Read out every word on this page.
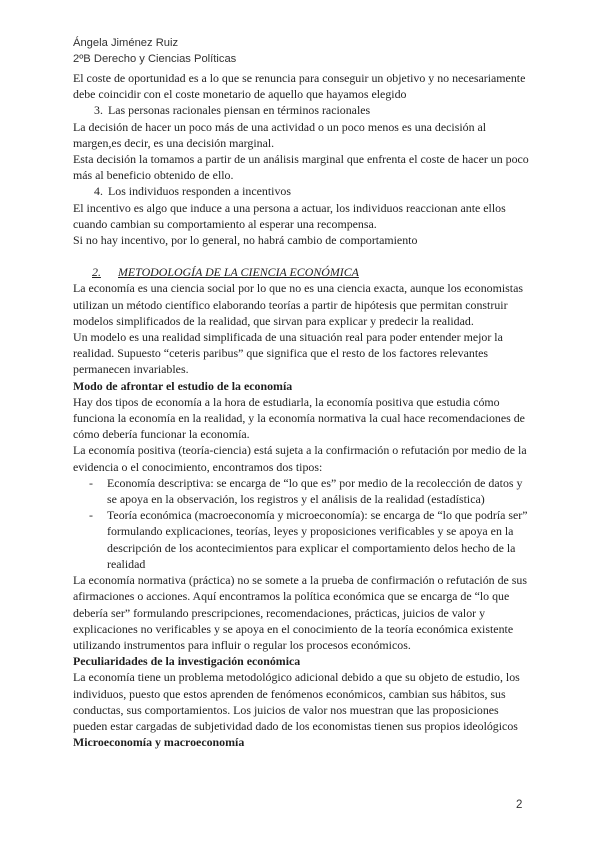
Ángela Jiménez Ruiz
2ºB Derecho y Ciencias Políticas

El coste de oportunidad es a lo que se renuncia para conseguir un objetivo y no necesariamente debe coincidir con el coste monetario de aquello que hayamos elegido

3. Las personas racionales piensan en términos racionales

La decisión de hacer un poco más de una actividad o un poco menos es una decisión al margen,es decir, es una decisión marginal.

Esta decisión la tomamos a partir de un análisis marginal que enfrenta el coste de hacer un poco más al beneficio obtenido de ello.

4. Los individuos responden a incentivos

El incentivo es algo que induce a una persona a actuar, los individuos reaccionan ante ellos cuando cambian su comportamiento al esperar una recompensa.

Si no hay incentivo, por lo general, no habrá cambio de comportamiento

2.	METODOLOGÍA DE LA CIENCIA ECONÓMICA

La economía es una ciencia social por lo que no es una ciencia exacta, aunque los economistas utilizan un método científico elaborando teorías a partir de hipótesis que permitan construir modelos simplificados de la realidad, que sirvan para explicar y predecir la realidad.

Un modelo es una realidad simplificada de una situación real para poder entender mejor la realidad. Supuesto “ceteris paribus” que significa que el resto de los factores relevantes permanecen invariables.

Modo de afrontar el estudio de la economía

Hay dos tipos de economía a la hora de estudiarla, la economía positiva que estudia cómo funciona la economía en la realidad, y la economía normativa la cual hace recomendaciones de cómo debería funcionar la economía.

La economía positiva (teoría-ciencia) está sujeta a la confirmación o refutación por medio de la evidencia o el conocimiento, encontramos dos tipos:

-	Economía descriptiva: se encarga de “lo que es” por medio de la recolección de datos y se apoya en la observación, los registros y el análisis de la realidad (estadística)
-	Teoría económica (macroeconomía y microeconomía): se encarga de “lo que podría ser” formulando explicaciones, teorías, leyes y proposiciones verificables y se apoya en la descripción de los acontecimientos para explicar el comportamiento delos hecho de la realidad

La economía normativa (práctica) no se somete a la prueba de confirmación o refutación de sus afirmaciones o acciones. Aquí encontramos la política económica que se encarga de “lo que debería ser” formulando prescripciones, recomendaciones, prácticas, juicios de valor y explicaciones no verificables y se apoya en el conocimiento de la teoría económica existente utilizando instrumentos para influir o regular los procesos económicos.

Peculiaridades de la investigación económica

La economía tiene un problema metodológico adicional debido a que su objeto de estudio, los individuos, puesto que estos aprenden de fenómenos económicos, cambian sus hábitos, sus conductas, sus comportamientos. Los juicios de valor nos muestran que las proposiciones pueden estar cargadas de subjetividad dado de los economistas tienen sus propios ideológicos

Microeconomía y macroeconomía

2
